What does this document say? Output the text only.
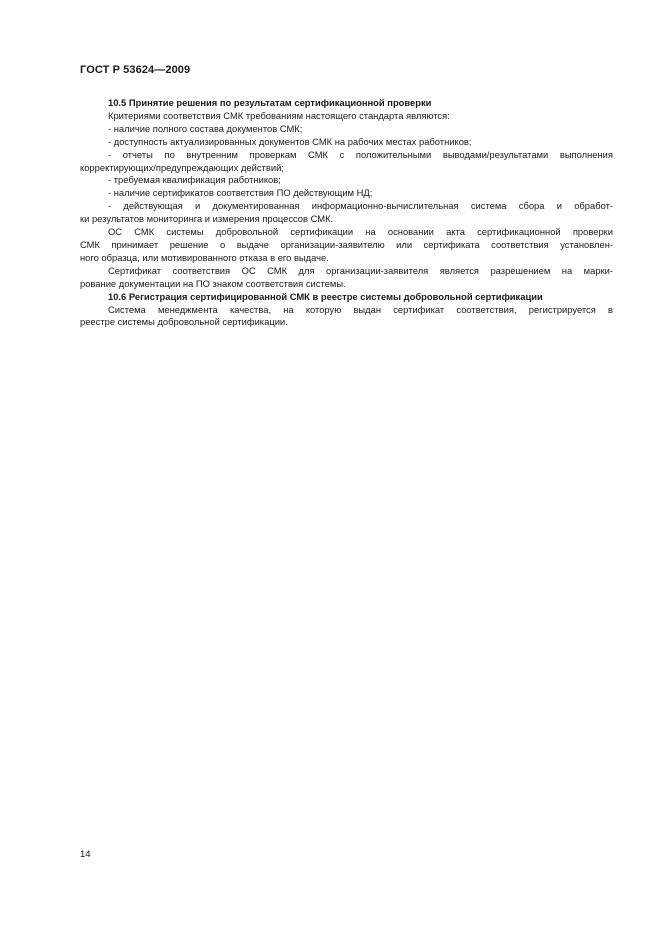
ГОСТ Р 53624—2009

10.5 Принятие решения по результатам сертификационной проверки

Критериями соответствия СМК требованиям настоящего стандарта являются:

- наличие полного состава документов СМК;

- доступность актуализированных документов СМК на рабочих местах работников;

- отчеты по внутренним проверкам СМК с положительными выводами/результатами выполнения

корректирующих/предупреждающих действий;

- требуемая квалификация работников;

- наличие сертификатов соответствия ПО действующим НД;

- действующая и документированная информационно-вычислительная система сбора и обработ-

ки результатов мониторинга и измерения процессов СМК.

ОС СМК системы добровольной сертификации на основании акта сертификационной проверки

СМК принимает решение о выдаче организации-заявителю или сертификата соответствия установлен-

ного образца, или мотивированного отказа в его выдаче.

Сертификат соответствия ОС СМК для организации-заявителя является разрешением на марки-

рование документации на ПО знаком соответствия системы.

10.6 Регистрация сертифицированной СМК в реестре системы добровольной сертификации

Система менеджмента качества, на которую выдан сертификат соответствия, регистрируется в

реестре системы добровольной сертификации.

14
